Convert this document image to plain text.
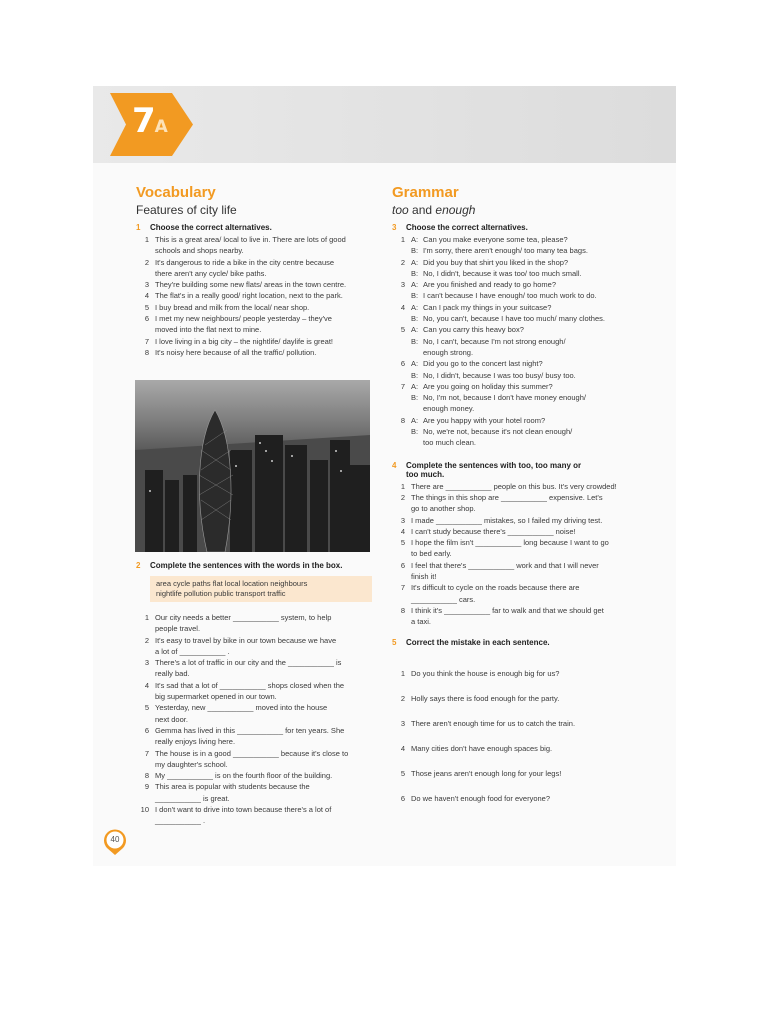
7A
Vocabulary
Features of city life
1	Choose the correct alternatives.
1 This is a great area/ local to live in. There are lots of good
schools and shops nearby.
2 It's dangerous to ride a bike in the city centre because
there aren't any cycle/ bike paths.
3 They're building some new flats/ areas in the town centre.
4 The flat's in a really good/ right location, next to the park.
5 I buy bread and milk from the local/ near shop.
6 I met my new neighbours/ people yesterday – they've
moved into the flat next to mine.
7 I love living in a big city – the nightlife/ daylife is great!
8 It's noisy here because of all the traffic/ pollution.
2	Complete the sentences with the words in the box.
area cycle paths flat local location neighbours
nightlife pollution public transport traffic
1 Our city needs a better ___________ system, to help
people travel.
2 It's easy to travel by bike in our town because we have
a lot of ___________ .
3 There's a lot of traffic in our city and the ___________ is
really bad.
4 It's sad that a lot of ___________ shops closed when the
big supermarket opened in our town.
5 Yesterday, new ___________ moved into the house
next door.
6 Gemma has lived in this ___________ for ten years. She
really enjoys living here.
7 The house is in a good ___________ because it's close to
my daughter's school.
8 My ___________ is on the fourth floor of the building.
9 This area is popular with students because the
___________ is great.
10 I don't want to drive into town because there's a lot of
___________ .
Grammar
too and enough
3	Choose the correct alternatives.
1 A: Can you make everyone some tea, please?
B: I'm sorry, there aren't enough/ too many tea bags.
2 A: Did you buy that shirt you liked in the shop?
B: No, I didn't, because it was too/ too much small.
3 A: Are you finished and ready to go home?
B: I can't because I have enough/ too much work to do.
4 A: Can I pack my things in your suitcase?
B: No, you can't, because I have too much/ many clothes.
5 A: Can you carry this heavy box?
B: No, I can't, because I'm not strong enough/
enough strong.
6 A: Did you go to the concert last night?
B: No, I didn't, because I was too busy/ busy too.
7 A: Are you going on holiday this summer?
B: No, I'm not, because I don't have money enough/
enough money.
8 A: Are you happy with your hotel room?
B: No, we're not, because it's not clean enough/
too much clean.
4	Complete the sentences with too, too many or
too much.
1 There are ___________ people on this bus. It's very crowded!
2 The things in this shop are ___________ expensive. Let's
go to another shop.
3 I made ___________ mistakes, so I failed my driving test.
4 I can't study because there's ___________ noise!
5 I hope the film isn't ___________ long because I want to go
to bed early.
6 I feel that there's ___________ work and that I will never
finish it!
7 It's difficult to cycle on the roads because there are
___________ cars.
8 I think it's ___________ far to walk and that we should get
a taxi.
5	Correct the mistake in each sentence.
1 Do you think the house is enough big for us?
2 Holly says there is food enough for the party.
3 There aren't enough time for us to catch the train.
4 Many cities don't have enough spaces big.
5 Those jeans aren't enough long for your legs!
6 Do we haven't enough food for everyone?
40
